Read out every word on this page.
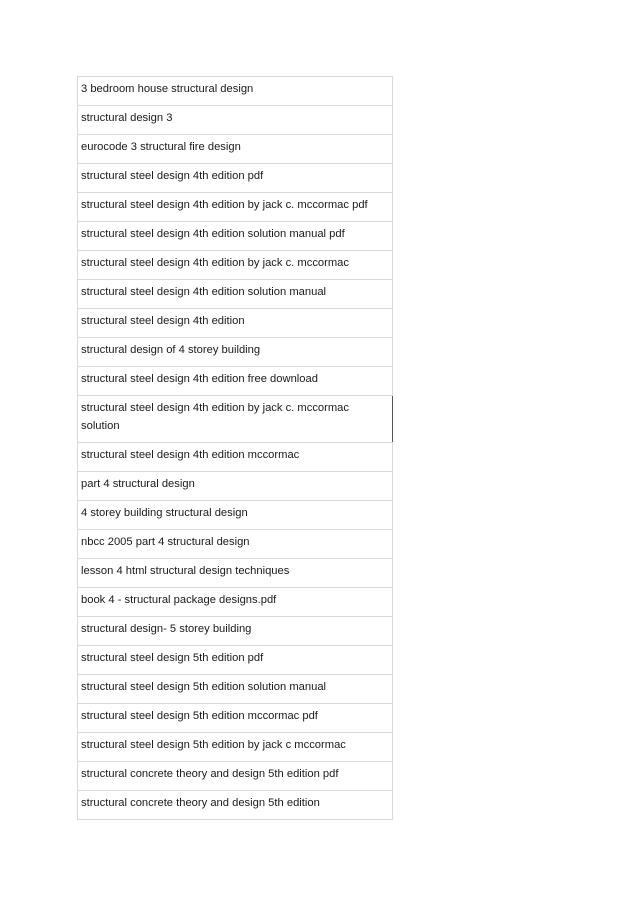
3 bedroom house structural design
structural design 3
eurocode 3 structural fire design
structural steel design 4th edition pdf
structural steel design 4th edition by jack c. mccormac pdf
structural steel design 4th edition solution manual pdf
structural steel design 4th edition by jack c. mccormac
structural steel design 4th edition solution manual
structural steel design 4th edition
structural design of 4 storey building
structural steel design 4th edition free download
structural steel design 4th edition by jack c. mccormac solution
structural steel design 4th edition mccormac
part 4 structural design
4 storey building structural design
nbcc 2005 part 4 structural design
lesson 4 html structural design techniques
book 4 - structural package designs.pdf
structural design- 5 storey building
structural steel design 5th edition pdf
structural steel design 5th edition solution manual
structural steel design 5th edition mccormac pdf
structural steel design 5th edition by jack c mccormac
structural concrete theory and design 5th edition pdf
structural concrete theory and design 5th edition
